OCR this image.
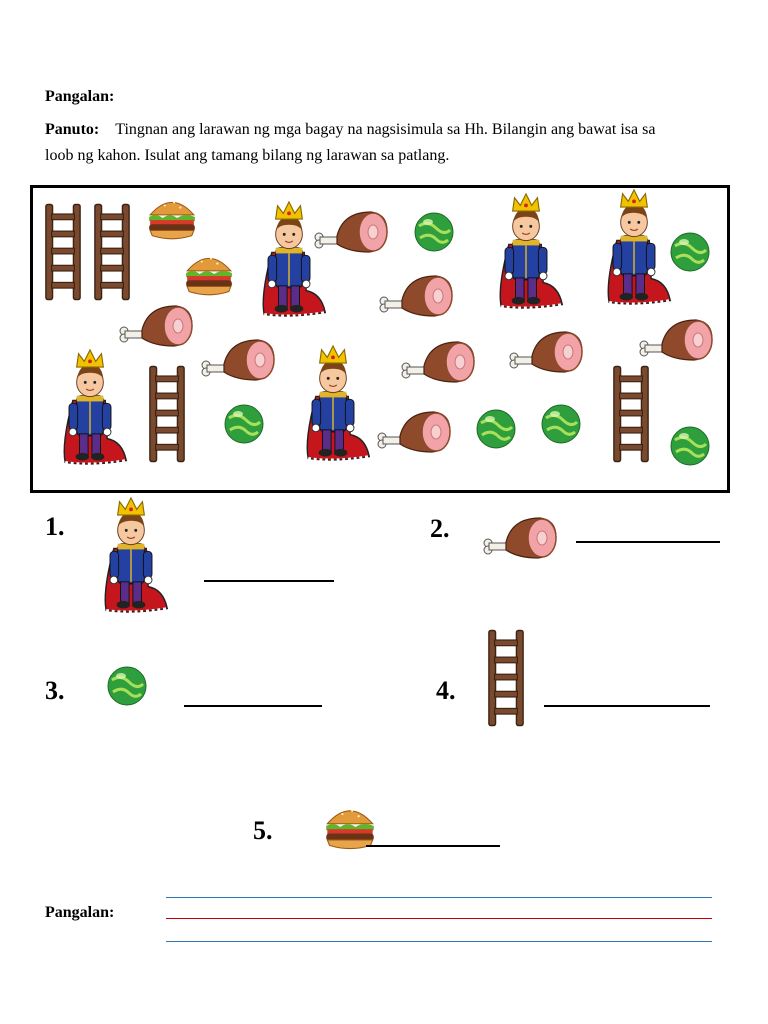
Pangalan:
Panuto: Tingnan ang larawan ng mga bagay na nagsisimula sa Hh. Bilangin ang bawat isa sa
loob ng kahon. Isulat ang tamang bilang ng larawan sa patlang.
1.	2.
3.	4.
5.
Pangalan:
